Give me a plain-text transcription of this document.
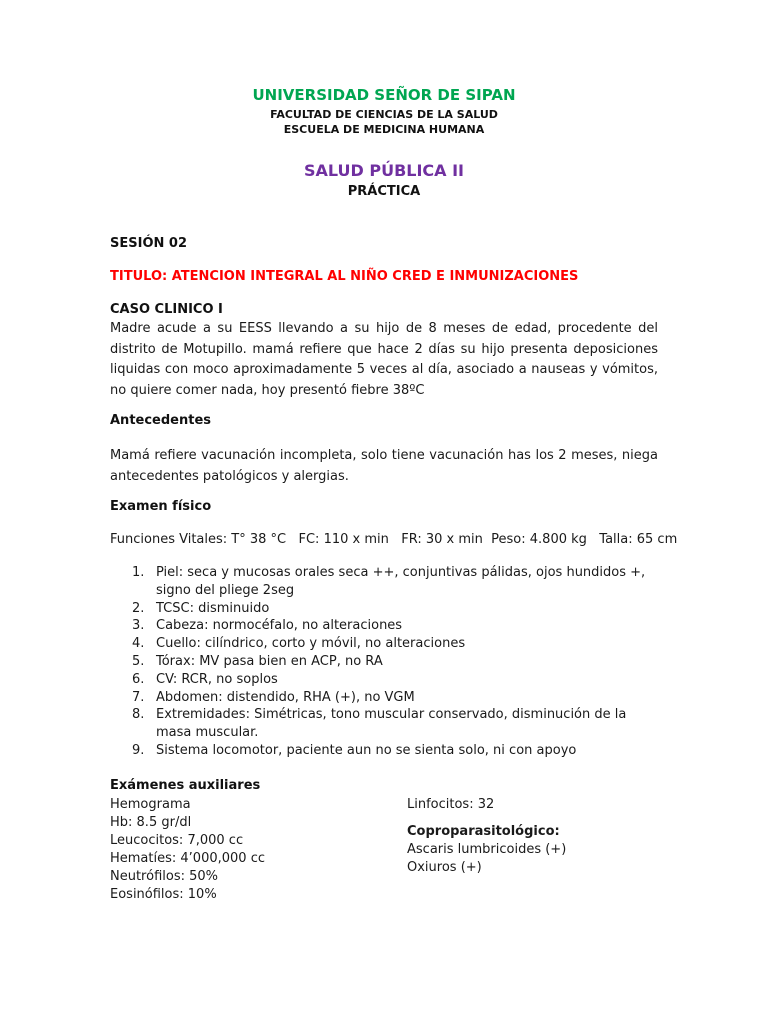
UNIVERSIDAD SEÑOR DE SIPAN
FACULTAD DE CIENCIAS DE LA SALUD
ESCUELA DE MEDICINA HUMANA
SALUD PÚBLICA II
PRÁCTICA
SESIÓN 02
TITULO: ATENCION INTEGRAL AL NIÑO CRED E INMUNIZACIONES
CASO CLINICO I
Madre acude a su EESS llevando a su hijo de 8 meses de edad, procedente del distrito de Motupillo. mamá refiere que hace 2 días su hijo presenta deposiciones liquidas con moco aproximadamente 5 veces al día, asociado a nauseas y vómitos, no quiere comer nada, hoy presentó fiebre 38ºC
Antecedentes
Mamá refiere vacunación incompleta, solo tiene vacunación has los 2 meses, niega antecedentes patológicos y alergias.
Examen físico
Funciones Vitales: T° 38 °C   FC: 110 x min   FR: 30 x min  Peso: 4.800 kg   Talla: 65 cm
1. Piel: seca y mucosas orales seca ++, conjuntivas pálidas, ojos hundidos +, signo del pliege 2seg
2. TCSC: disminuido
3. Cabeza: normocéfalo, no alteraciones
4. Cuello: cilíndrico, corto y móvil, no alteraciones
5. Tórax: MV pasa bien en ACP, no RA
6. CV: RCR, no soplos
7. Abdomen: distendido, RHA (+), no VGM
8. Extremidades: Simétricas, tono muscular conservado, disminución de la masa muscular.
9. Sistema locomotor, paciente aun no se sienta solo, ni con apoyo
Exámenes auxiliares
Hemograma
Hb: 8.5 gr/dl
Leucocitos: 7,000 cc
Hematíes: 4’000,000 cc
Neutrófilos: 50%
Eosinófilos: 10%
Linfocitos: 32
Coproparasitológico:
Ascaris lumbricoides (+)
Oxiuros (+)
